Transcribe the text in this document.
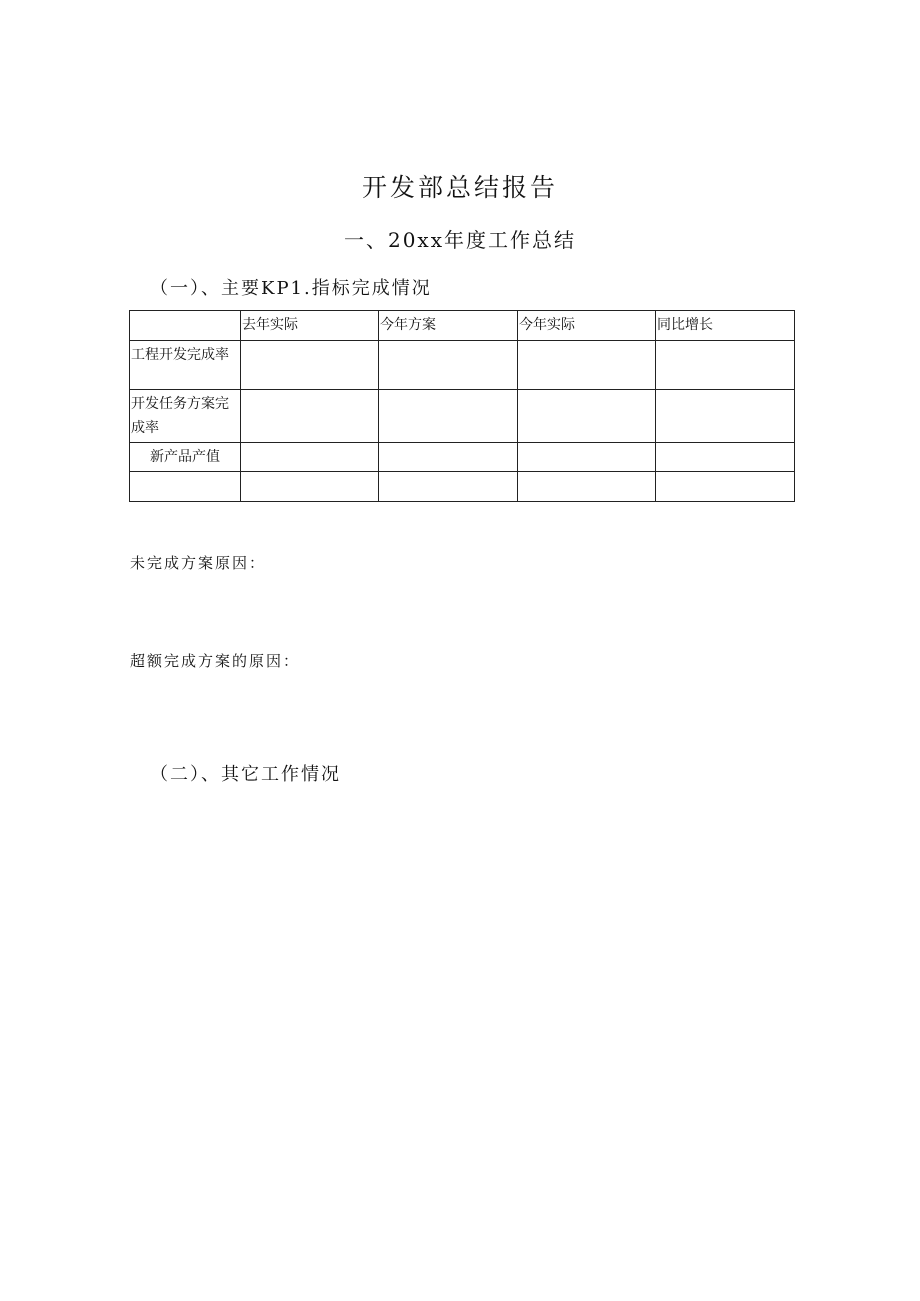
开发部总结报告
一、20xx年度工作总结
（一）、主要KP1.指标完成情况
	去年实际	今年方案	今年实际	同比增长
工程开发完成率				
开发任务方案完成率				
新产品产值				

未完成方案原因：
超额完成方案的原因：
（二）、其它工作情况
